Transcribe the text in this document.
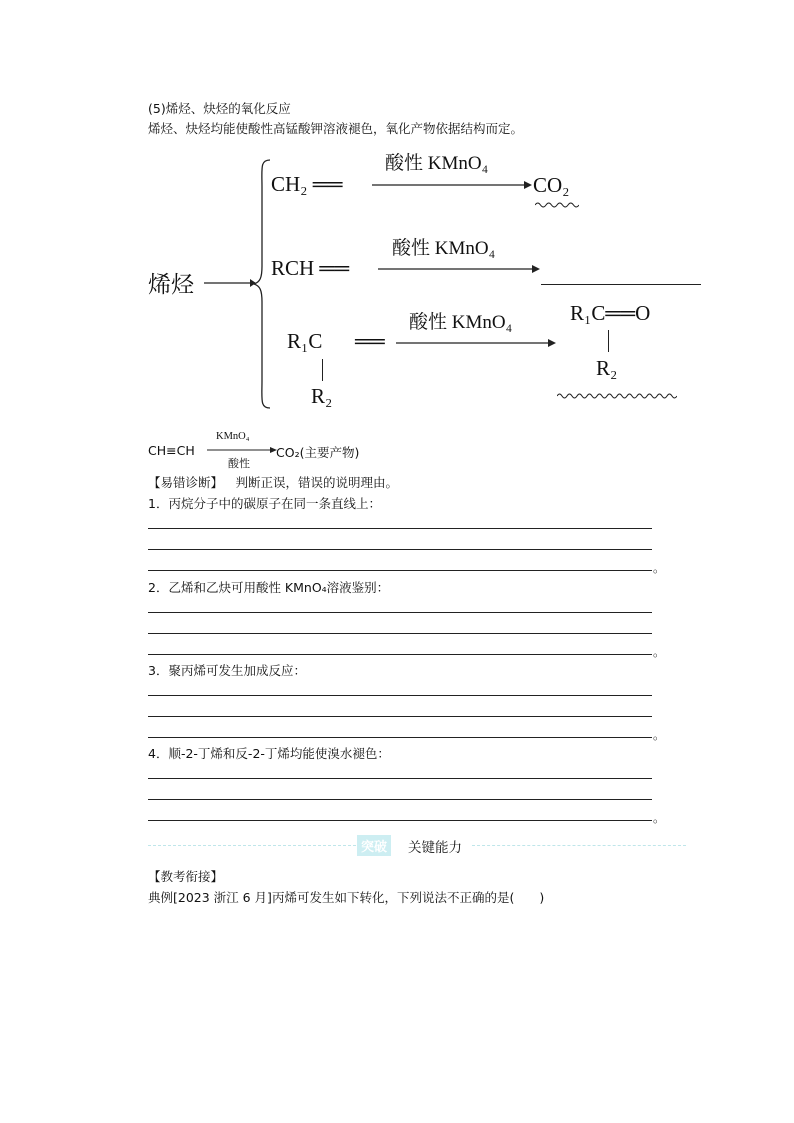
(5)烯烃、炔烃的氧化反应
烯烃、炔烃均能使酸性高锰酸钾溶液褪色，氧化产物依据结构而定。
烯烃
CH₂ ══
酸性 KMnO₄
CO₂
RCH ══
酸性 KMnO₄
R₁C
R₂
══
酸性 KMnO₄	R₁C══O
R₂
CH≡CH
KMnO₄
酸性
CO₂(主要产物)
【易错诊断】  判断正误，错误的说明理由。
1．丙烷分子中的碳原子在同一条直线上：
。
2．乙烯和乙炔可用酸性 KMnO₄溶液鉴别：
。
3．聚丙烯可发生加成反应：
。
4．顺-2-丁烯和反-2-丁烯均能使溴水褪色：
。
突破 关键能力
【教考衔接】
典例[2023 浙江 6 月]丙烯可发生如下转化，下列说法不正确的是(　　)
